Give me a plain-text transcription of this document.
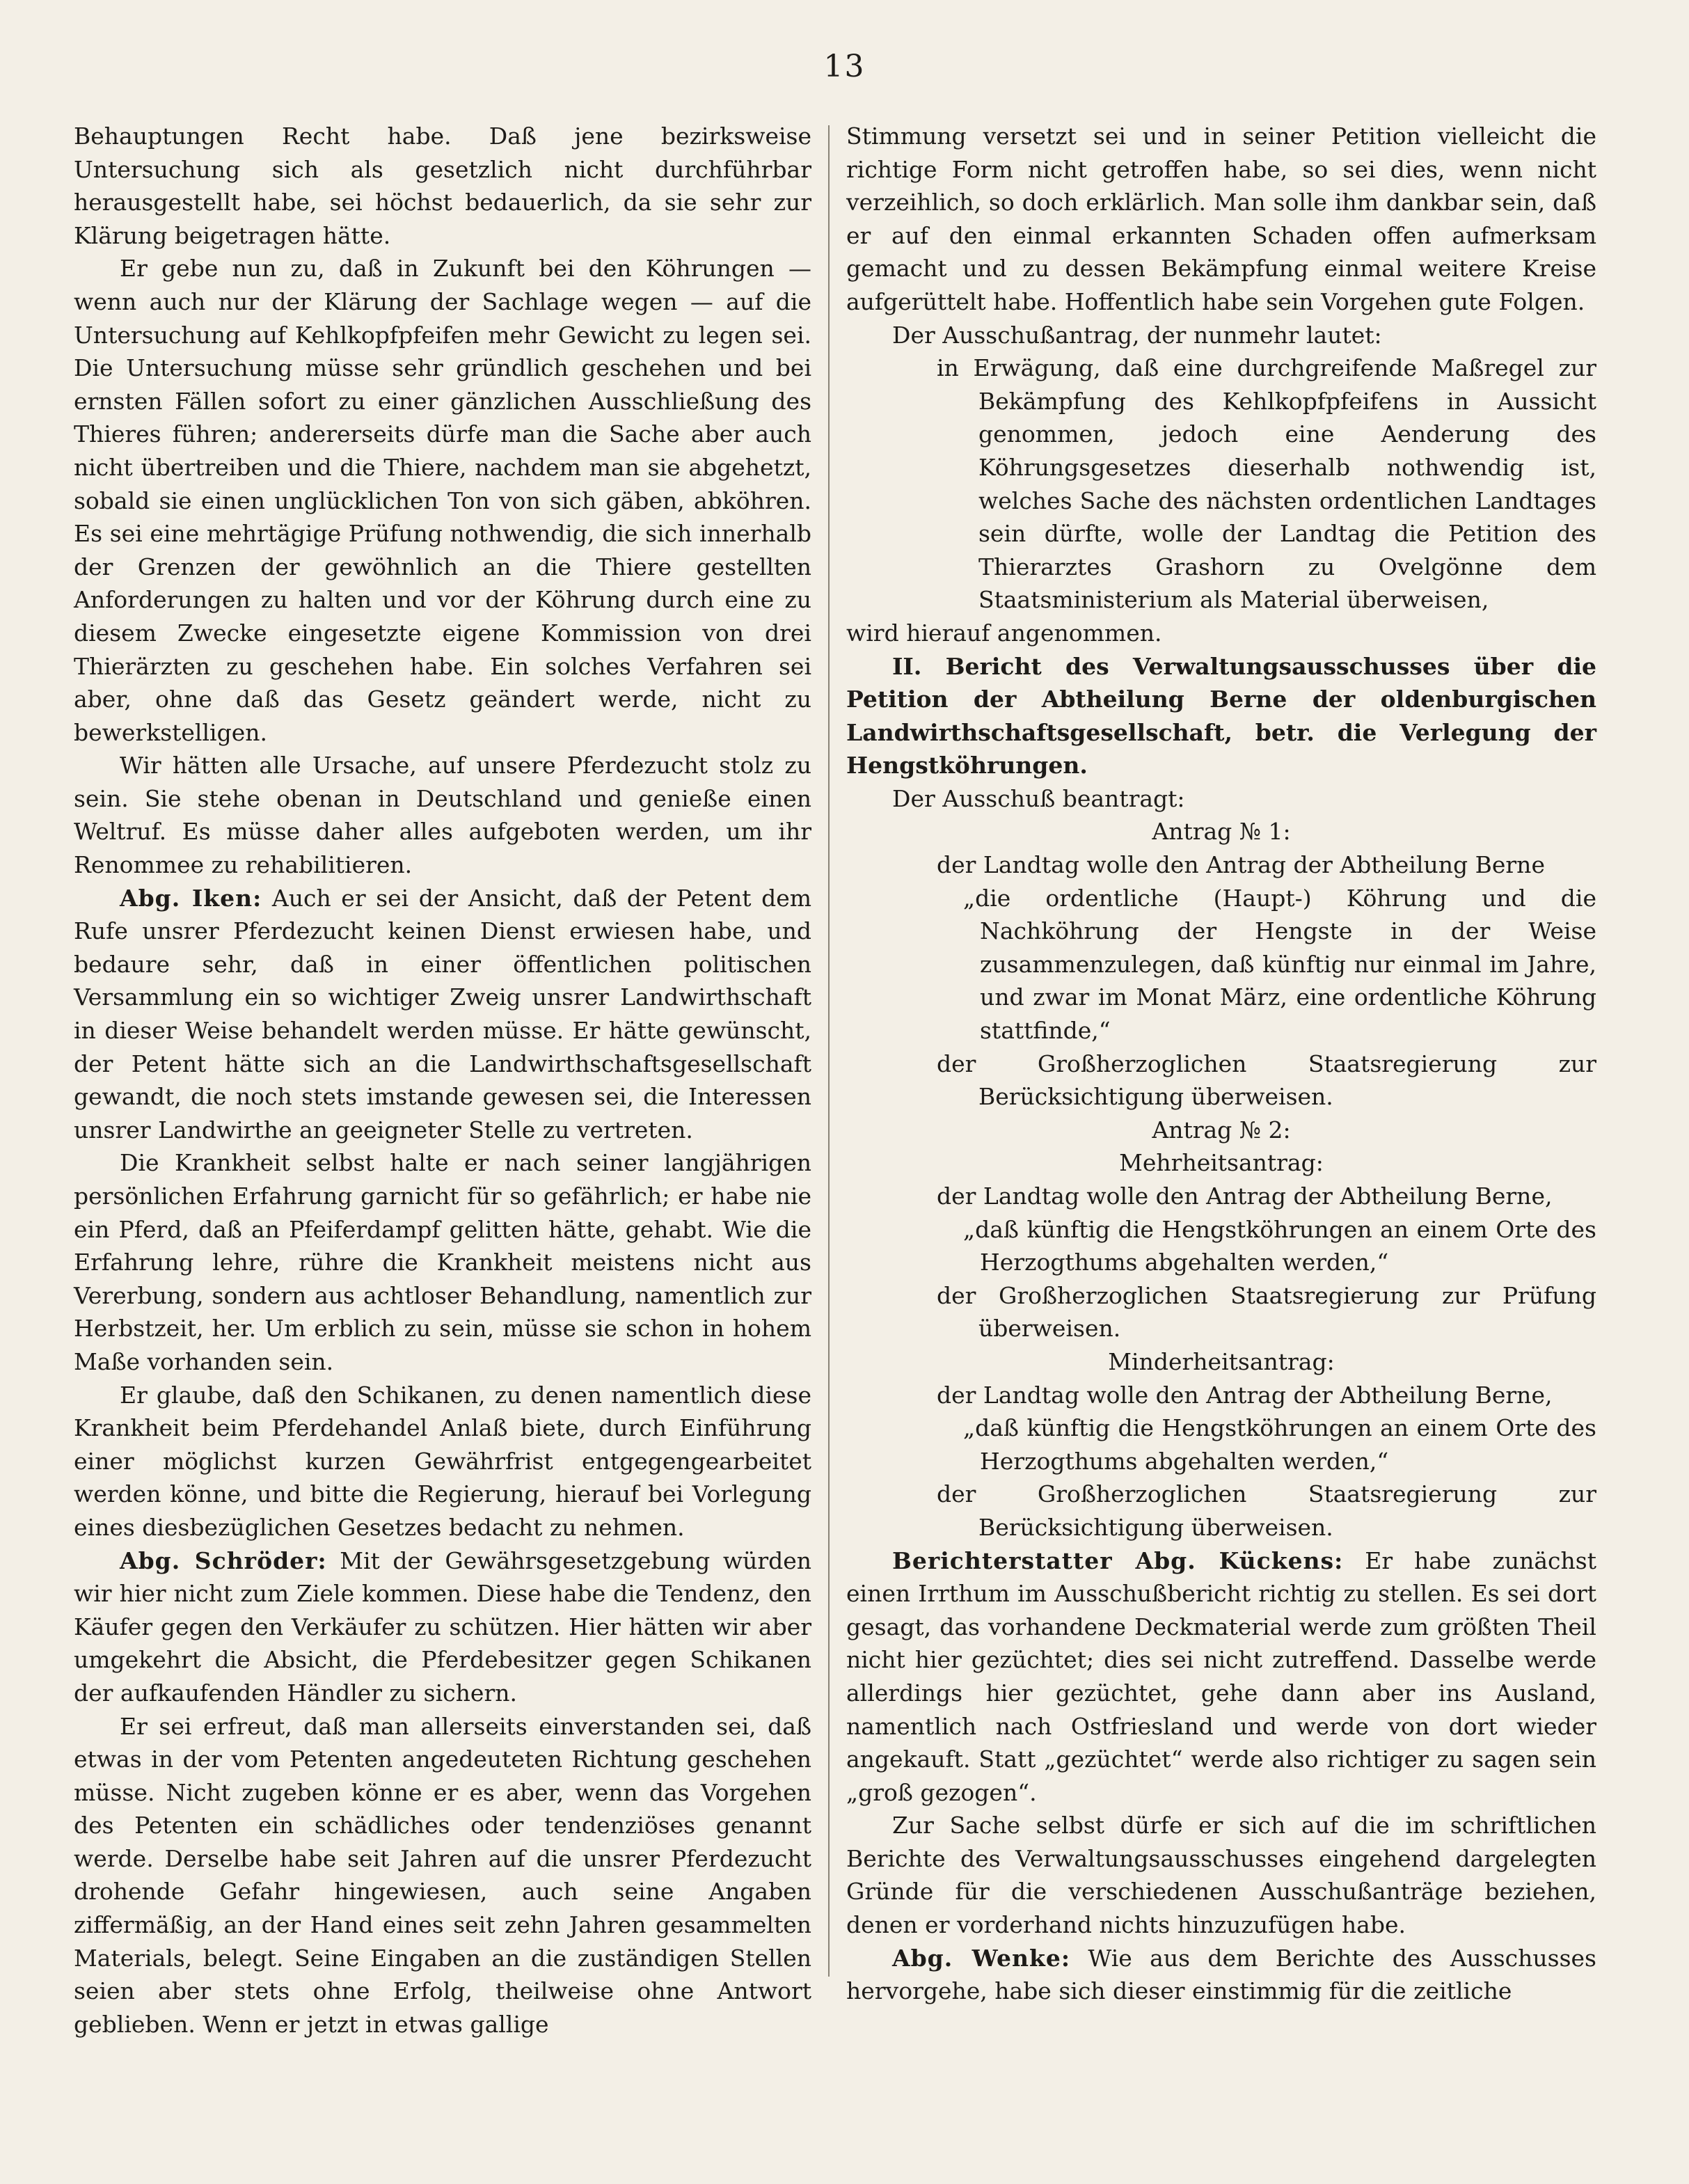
13

Behauptungen Recht habe. Daß jene bezirksweise Untersuchung sich als gesetzlich nicht durchführbar herausgestellt habe, sei höchst bedauerlich, da sie sehr zur Klärung beigetragen hätte.

Er gebe nun zu, daß in Zukunft bei den Köhrungen — wenn auch nur der Klärung der Sachlage wegen — auf die Untersuchung auf Kehlkopfpfeifen mehr Gewicht zu legen sei. Die Untersuchung müsse sehr gründlich geschehen und bei ernsten Fällen sofort zu einer gänzlichen Ausschließung des Thieres führen; andererseits dürfe man die Sache aber auch nicht übertreiben und die Thiere, nachdem man sie abgehetzt, sobald sie einen unglücklichen Ton von sich gäben, abköhren. Es sei eine mehrtägige Prüfung nothwendig, die sich innerhalb der Grenzen der gewöhnlich an die Thiere gestellten Anforderungen zu halten und vor der Köhrung durch eine zu diesem Zwecke eingesetzte eigene Kommission von drei Thierärzten zu geschehen habe. Ein solches Verfahren sei aber, ohne daß das Gesetz geändert werde, nicht zu bewerkstelligen.

Wir hätten alle Ursache, auf unsere Pferdezucht stolz zu sein. Sie stehe obenan in Deutschland und genieße einen Weltruf. Es müsse daher alles aufgeboten werden, um ihr Renommee zu rehabilitieren.

Abg. Iken: Auch er sei der Ansicht, daß der Petent dem Rufe unsrer Pferdezucht keinen Dienst erwiesen habe, und bedaure sehr, daß in einer öffentlichen politischen Versammlung ein so wichtiger Zweig unsrer Landwirthschaft in dieser Weise behandelt werden müsse. Er hätte gewünscht, der Petent hätte sich an die Landwirthschaftsgesellschaft gewandt, die noch stets imstande gewesen sei, die Interessen unsrer Landwirthe an geeigneter Stelle zu vertreten.

Die Krankheit selbst halte er nach seiner langjährigen persönlichen Erfahrung garnicht für so gefährlich; er habe nie ein Pferd, daß an Pfeiferdampf gelitten hätte, gehabt. Wie die Erfahrung lehre, rühre die Krankheit meistens nicht aus Vererbung, sondern aus achtloser Behandlung, namentlich zur Herbstzeit, her. Um erblich zu sein, müsse sie schon in hohem Maße vorhanden sein.

Er glaube, daß den Schikanen, zu denen namentlich diese Krankheit beim Pferdehandel Anlaß biete, durch Einführung einer möglichst kurzen Gewährfrist entgegengearbeitet werden könne, und bitte die Regierung, hierauf bei Vorlegung eines diesbezüglichen Gesetzes bedacht zu nehmen.

Abg. Schröder: Mit der Gewährsgesetzgebung würden wir hier nicht zum Ziele kommen. Diese habe die Tendenz, den Käufer gegen den Verkäufer zu schützen. Hier hätten wir aber umgekehrt die Absicht, die Pferdebesitzer gegen Schikanen der aufkaufenden Händler zu sichern.

Er sei erfreut, daß man allerseits einverstanden sei, daß etwas in der vom Petenten angedeuteten Richtung geschehen müsse. Nicht zugeben könne er es aber, wenn das Vorgehen des Petenten ein schädliches oder tendenziöses genannt werde. Derselbe habe seit Jahren auf die unsrer Pferdezucht drohende Gefahr hingewiesen, auch seine Angaben ziffermäßig, an der Hand eines seit zehn Jahren gesammelten Materials, belegt. Seine Eingaben an die zuständigen Stellen seien aber stets ohne Erfolg, theilweise ohne Antwort geblieben. Wenn er jetzt in etwas gallige

Stimmung versetzt sei und in seiner Petition vielleicht die richtige Form nicht getroffen habe, so sei dies, wenn nicht verzeihlich, so doch erklärlich. Man solle ihm dankbar sein, daß er auf den einmal erkannten Schaden offen aufmerksam gemacht und zu dessen Bekämpfung einmal weitere Kreise aufgerüttelt habe. Hoffentlich habe sein Vorgehen gute Folgen.

Der Ausschußantrag, der nunmehr lautet:

in Erwägung, daß eine durchgreifende Maßregel zur Bekämpfung des Kehlkopfpfeifens in Aussicht genommen, jedoch eine Aenderung des Köhrungsgesetzes dieserhalb nothwendig ist, welches Sache des nächsten ordentlichen Landtages sein dürfte, wolle der Landtag die Petition des Thierarztes Grashorn zu Ovelgönne dem Staatsministerium als Material überweisen,

wird hierauf angenommen.

II. Bericht des Verwaltungsausschusses über die Petition der Abtheilung Berne der oldenburgischen Landwirthschaftsgesellschaft, betr. die Verlegung der Hengstköhrungen.

Der Ausschuß beantragt:

Antrag № 1:

der Landtag wolle den Antrag der Abtheilung Berne

„die ordentliche (Haupt-) Köhrung und die Nachköhrung der Hengste in der Weise zusammenzulegen, daß künftig nur einmal im Jahre, und zwar im Monat März, eine ordentliche Köhrung stattfinde,“

der Großherzoglichen Staatsregierung zur Berücksichtigung überweisen.

Antrag № 2:

Mehrheitsantrag:

der Landtag wolle den Antrag der Abtheilung Berne,

„daß künftig die Hengstköhrungen an einem Orte des Herzogthums abgehalten werden,“

der Großherzoglichen Staatsregierung zur Prüfung überweisen.

Minderheitsantrag:

der Landtag wolle den Antrag der Abtheilung Berne,

„daß künftig die Hengstköhrungen an einem Orte des Herzogthums abgehalten werden,“

der Großherzoglichen Staatsregierung zur Berücksichtigung überweisen.

Berichterstatter Abg. Kückens: Er habe zunächst einen Irrthum im Ausschußbericht richtig zu stellen. Es sei dort gesagt, das vorhandene Deckmaterial werde zum größten Theil nicht hier gezüchtet; dies sei nicht zutreffend. Dasselbe werde allerdings hier gezüchtet, gehe dann aber ins Ausland, namentlich nach Ostfriesland und werde von dort wieder angekauft. Statt „gezüchtet“ werde also richtiger zu sagen sein „groß gezogen“.

Zur Sache selbst dürfe er sich auf die im schriftlichen Berichte des Verwaltungsausschusses eingehend dargelegten Gründe für die verschiedenen Ausschußanträge beziehen, denen er vorderhand nichts hinzuzufügen habe.

Abg. Wenke: Wie aus dem Berichte des Ausschusses hervorgehe, habe sich dieser einstimmig für die zeitliche
